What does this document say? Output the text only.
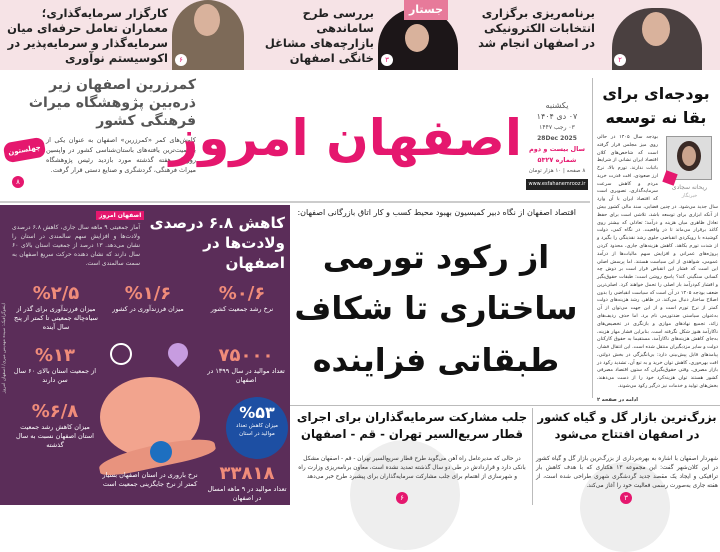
برنامه‌ریزی برگزاری انتخابات الکترونیکی در اصفهان انجام شد
۲
جستار
بررسی طرح ساماندهی بازارچه‌های مشاغل خانگی اصفهان	۳
کارگزار سرمایه‌گذاری؛ معماران تعامل حرفه‌ای میان سرمایه‌گذار و سرمایه‌پذیر در اکوسیستم نوآوری	۶
کمرزرین اصفهان زیر ذره‌بین پژوهشگاه میراث فرهنگی کشور
کاوش‌های کمر «کمرزرین» اصفهان به عنوان یکی از بااهمیت‌ترین یافته‌های باستان‌شناسی کشور در واپسین روزهای هفته گذشته مورد بازدید رئیس پژوهشگاه میراث فرهنگی، گردشگری و صنایع دستی قرار گرفت.
چهلستون
۸
اصفهان امروز
یکشنبه
۰۷ دی ۱۴۰۴
۰۳ رجب ۱۴۴۷
28Dec 2025
سال بیست و دوم
شماره ۵۳۲۷
۸ صفحه | ۱۰ هزار تومان
www.esfahanemrooz.ir
بودجه‌ای برای بقا نه توسعه
ریحانه سجادی
خبرنگار
بودجه سال ۱۴۰۵ در حالی روی میز مجلس قرار گرفته است که شاخص‌های کلان اقتصاد ایران نشانی از شرایط باثبات ندارند. تورم بالا، نرخ ارز صعودی، افت قدرت خرید مردم و کاهش سرعت سرمایه‌گذاری، تصویری است که اقتصاد ایران با آن وارد سال جدید می‌شود. در چنین فضایی، سند مالی کشور بیش از آنکه ابزاری برای توسعه باشد، تلاشی است برای حفظ تعادل ظاهری میان هزینه و درآمد؛ تعادلی که بیشتر روی کاغذ برقرار می‌ماند تا در واقعیت. در نگاه کمی، دولت کوشیده با رویکردی انقباضی جلوی رشد نقدینگی را بگیرد و از شدت تورم بکاهد. کاهش هزینه‌های جاری، محدود کردن پروژه‌های عمرانی و افزایش سهم مالیات‌ها از درآمد عمومی، شواهدی از این سیاست هستند. اما پرسش اصلی این است که فشار این انقباض قرار است بر دوش چه کسانی سنگینی کند؟ پاسخ روشن است: طبقات حقوق‌بگیر و اقشار کم‌درآمد بار اصلی را تحمل خواهند کرد. اصلی‌ترین ضعف بودجه ۱۴۰۵ در آن است که سیاست انقباضی را بدون اصلاح ساختار دنبال می‌کند. در ظاهر، رشد هزینه‌های دولت کمتر از نرخ تورم است و از این جهت می‌توان از آن به‌عنوان سیاستی ضدتورمی نام برد. اما حذف ردیف‌های زائد، تجمیع نهادهای موازی و بازنگری در تخصیص‌های ناکارآمد هنوز شکل نگرفته است. بنابراین فشار مهار هزینه، به‌جای کاهش هزینه‌های ناکارآمد، مستقیما به حقوق کارکنان دولت و سایر مزدبگیران منتقل شده است. این انتقال فشار، پیامدهای قابل پیش‌بینی دارد: بی‌انگیزگی در بخش دولتی، افت بهره‌وری، کاهش توان خرید و به تبع آن، تشدید رکود در بازار مصرف. وقتی حقوق‌بگیران که ستون اقتصاد مصرفی کشور هستند توان هزینه‌کرد خود را از دست می‌دهند، بخش‌های تولید و خدمات نیز درگیر رکود می‌شوند.
ادامه در صفحه ۲
اقتصاد اصفهان از نگاه دبیر کمیسیون بهبود محیط کسب و کار اتاق بازرگانی اصفهان:
از رکود تورمی ساختاری تا شکاف طبقاتی فزاینده
کاهش ۶.۸ درصدی ولادت‌ها در اصفهان
اصفهان امروز
آمار جمعیتی ۹ ماهه سال جاری، کاهش ۶.۸ درصدی ولادت‌ها و افزایش سهم سالمندی در استان را نشان می‌دهد. ۱۳ درصد از جمعیت استان بالای ۶۰ سال دارند که نشان دهنده حرکت سریع اصفهان به سمت سالمندی است.
%۰/۶
نرخ رشد جمعیت کشور
%۱/۶
میزان فرزندآوری در کشور
%۲/۵
میزان فرزندآوری برای گذر از سیاه‌چاله جمعیتی تا کمتر از پنج سال آینده
۷۵۰۰۰
تعداد موالید در سال ۱۳۹۹ در اصفهان
%۱۳
از جمعیت استان بالای ۶۰ سال سن دارند
%۵۳
میزان کاهش تعداد موالید در استان
%۶/۸
میزان کاهش رشد جمعیت استان اصفهان نسبت به سال گذشته
۳۳۸۱۸
تعداد موالید در ۹ ماهه امسال در اصفهان
نرخ باروری در استان اصفهان بسیار کمتر از نرخ جایگزینی جمعیت است
اینفوگرافیک: سیده مهدیس میری/ اصفهان امروز
جلب مشارکت سرمایه‌گذاران برای اجرای قطار سریع‌السیر تهران - قم - اصفهان
در حالی که مدیرعامل راه آهن می‌گوید طرح قطار سریع‌السیر تهران - قم - اصفهان مشکل بانکی دارد و قراردادش در طی دو سال گذشته تمدید نشده است، معاون برنامه‌ریزی وزارت راه و شهرسازی از اهتمام برای جلب مشارکت سرمایه‌گذاران برای پیشبرد طرح خبر می‌دهد
۶
بزرگ‌ترین بازار گل و گیاه کشور در اصفهان افتتاح می‌شود
شهردار اصفهان با اشاره به بهره‌برداری از بزرگ‌ترین بازار گل و گیاه کشور در این کلان‌شهر گفت: این مجموعه ۱۳ هکتاری که با هدف کاهش بار ترافیکی و ایجاد یک مقصد جدید گردشگری شهری طراحی شده است، از هفته جاری به‌صورت رسمی فعالیت خود را آغاز می‌کند.
۳
